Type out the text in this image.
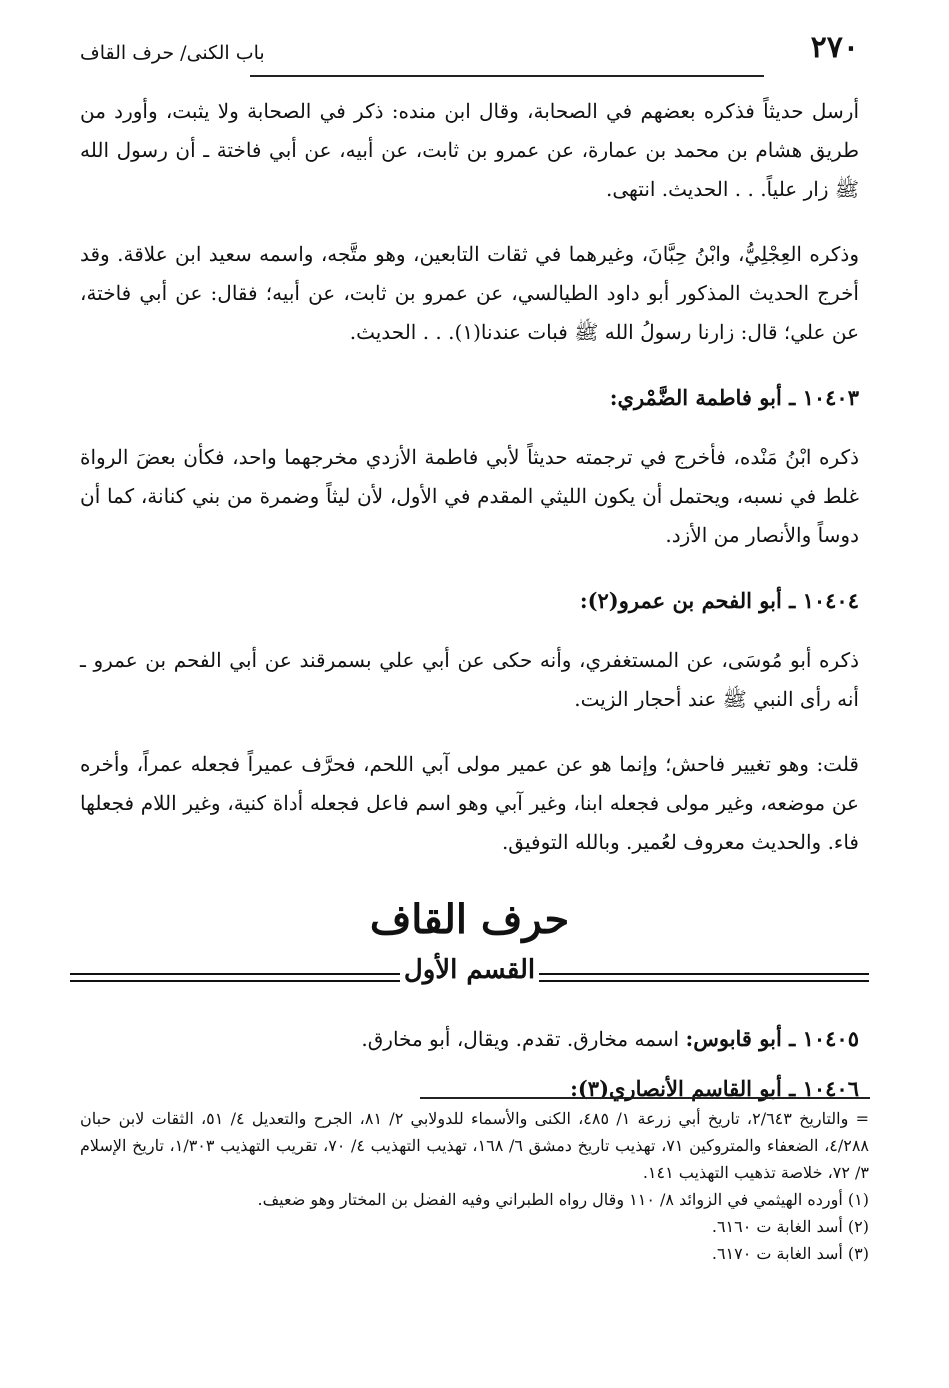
٢٧٠
باب الكنى/ حرف القاف

أرسل حديثاً فذكره بعضهم في الصحابة، وقال ابن منده: ذكر في الصحابة ولا يثبت، وأورد من طريق هشام بن محمد بن عمارة، عن عمرو بن ثابت، عن أبيه، عن أبي فاختة ـ أن رسول الله ﷺ زار علياً. . . الحديث. انتهى.

وذكره العِجْلِيُّ، وابْنُ حِبَّانَ، وغيرهما في ثقات التابعين، وهو متَّجه، واسمه سعيد ابن علاقة. وقد أخرج الحديث المذكور أبو داود الطيالسي، عن عمرو بن ثابت، عن أبيه؛ فقال: عن أبي فاختة، عن علي؛ قال: زارنا رسولُ الله ﷺ فبات عندنا(١). . . الحديث.

١٠٤٠٣ ـ أبو فاطمة الضَّمْري:

ذكره ابْنُ مَنْده، فأخرج في ترجمته حديثاً لأبي فاطمة الأزدي مخرجهما واحد، فكأن بعضَ الرواة غلط في نسبه، ويحتمل أن يكون الليثي المقدم في الأول، لأن ليثاً وضمرة من بني كنانة، كما أن دوساً والأنصار من الأزد.

١٠٤٠٤ ـ أبو الفحم بن عمرو(٢):

ذكره أبو مُوسَى، عن المستغفري، وأنه حكى عن أبي علي بسمرقند عن أبي الفحم بن عمرو ـ أنه رأى النبي ﷺ عند أحجار الزيت.

قلت: وهو تغيير فاحش؛ وإنما هو عن عمير مولى آبي اللحم، فحرَّف عميراً فجعله عمراً، وأخره عن موضعه، وغير مولى فجعله ابنا، وغير آبي وهو اسم فاعل فجعله أداة كنية، وغير اللام فجعلها فاء. والحديث معروف لعُمير. وبالله التوفيق.

حرف القاف
القسم الأول
١٠٤٠٥ ـ أبو قابوس: اسمه مخارق. تقدم. ويقال، أبو مخارق.
١٠٤٠٦ ـ أبو القاسم الأنصاري(٣):
= والتاريخ ٢/٦٤٣، تاريخ أبي زرعة ١/ ٤٨٥، الكنى والأسماء للدولابي ٢/ ٨١، الجرح والتعديل ٤/ ٥١، الثقات لابن حبان ٤/٢٨٨، الضعفاء والمتروكين ٧١، تهذيب تاريخ دمشق ٦/ ١٦٨، تهذيب التهذيب ٤/ ٧٠، تقريب التهذيب ١/٣٠٣، تاريخ الإسلام ٣/ ٧٢، خلاصة تذهيب التهذيب ١٤١.
(١) أورده الهيثمي في الزوائد ٨/ ١١٠ وقال رواه الطبراني وفيه الفضل بن المختار وهو ضعيف.
(٢) أسد الغابة ت ٦١٦٠.
(٣) أسد الغابة ت ٦١٧٠.
